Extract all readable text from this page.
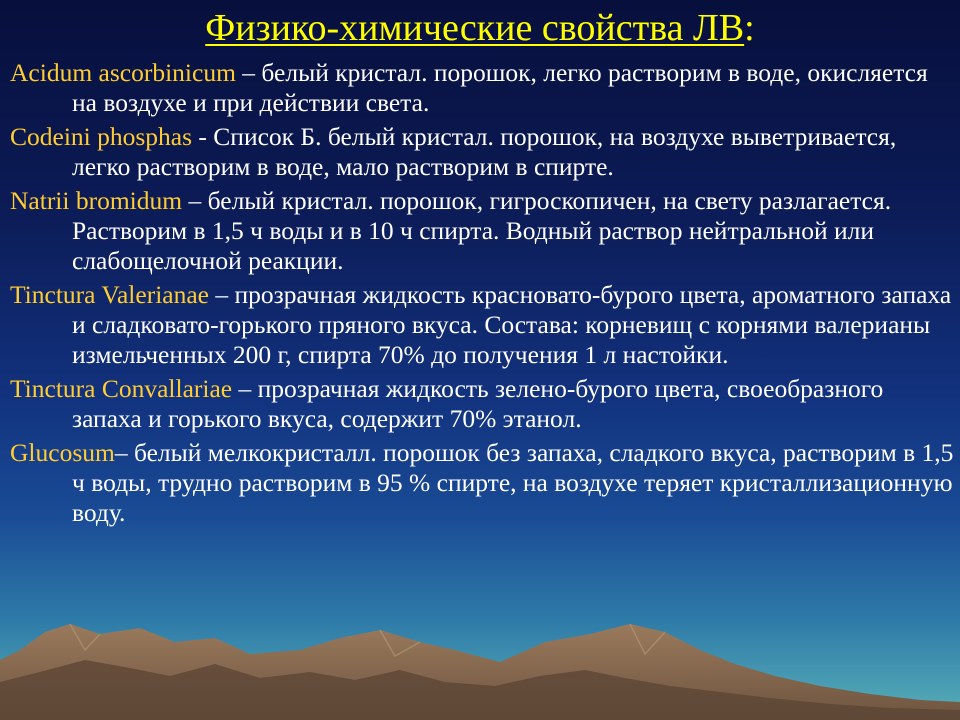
Физико-химические свойства ЛВ:
Acidum ascorbinicum – белый кристал. порошок, легко растворим в воде, окисляется на воздухе и при действии света.
Codeini phosphas - Список Б. белый кристал. порошок, на воздухе выветривается, легко растворим в воде, мало растворим в спирте.
Natrii bromidum – белый кристал. порошок, гигроскопичен, на свету разлагается. Растворим в 1,5 ч воды и в 10 ч спирта. Водный раствор нейтральной или слабощелочной реакции.
Tinctura Valerianae – прозрачная жидкость красновато-бурого цвета, ароматного запаха и сладковато-горького пряного вкуса. Состава: корневищ с корнями валерианы измельченных 200 г, спирта 70% до получения 1 л настойки.
Tinctura Convallariae – прозрачная жидкость зелено-бурого цвета, своеобразного запаха и горького вкуса, содержит 70% этанол.
Glucosum– белый мелкокристалл. порошок без запаха, сладкого вкуса, растворим в 1,5 ч воды, трудно растворим в 95 % спирте, на воздухе теряет кристаллизационную воду.
